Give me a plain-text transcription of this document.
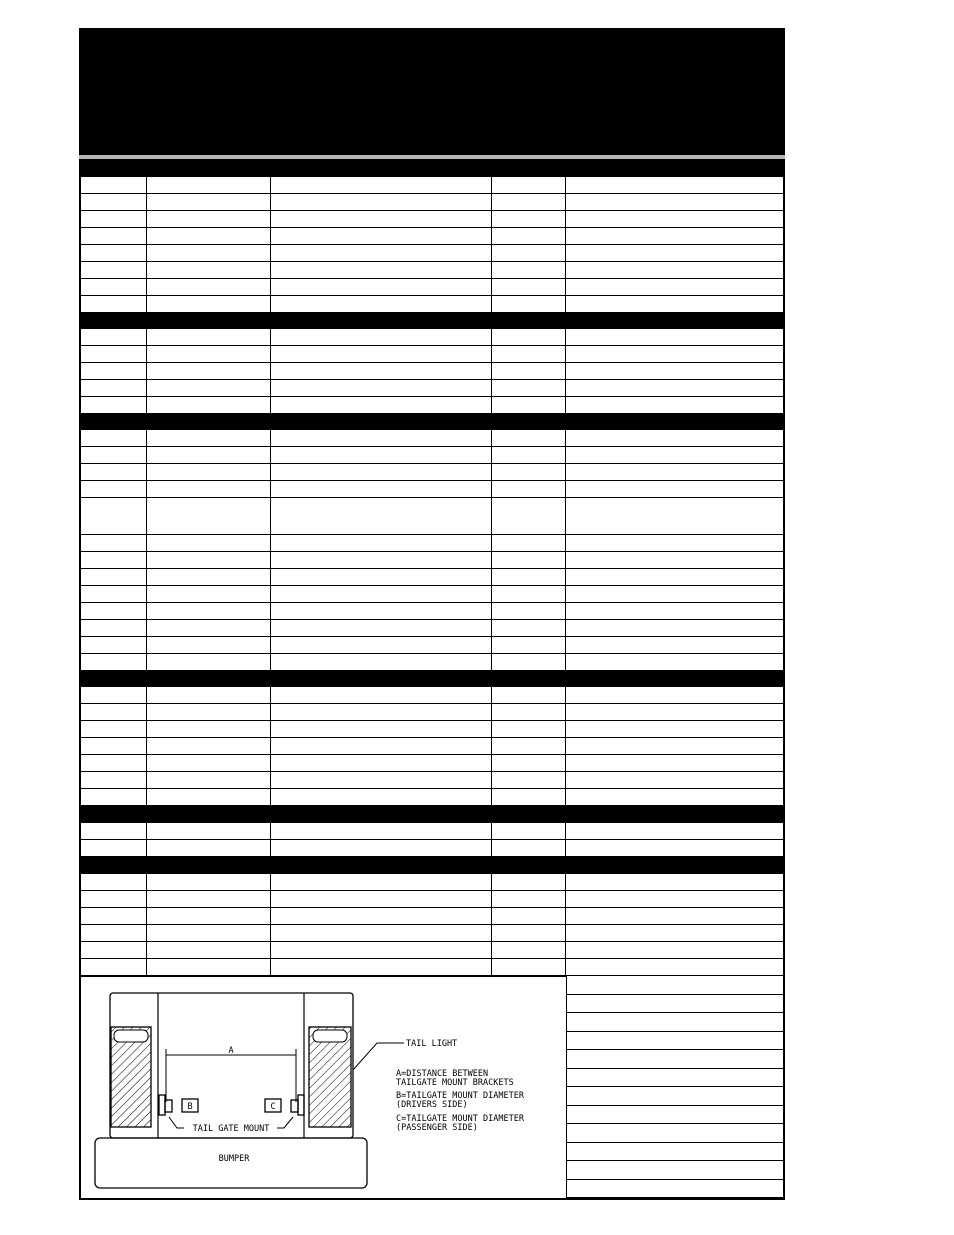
BUMPER
A
B	C
TAIL GATE MOUNT
TAIL LIGHT
A=DISTANCE BETWEEN
TAILGATE MOUNT BRACKETS
B=TAILGATE MOUNT DIAMETER
(DRIVERS SIDE)
C=TAILGATE MOUNT DIAMETER
(PASSENGER SIDE)
